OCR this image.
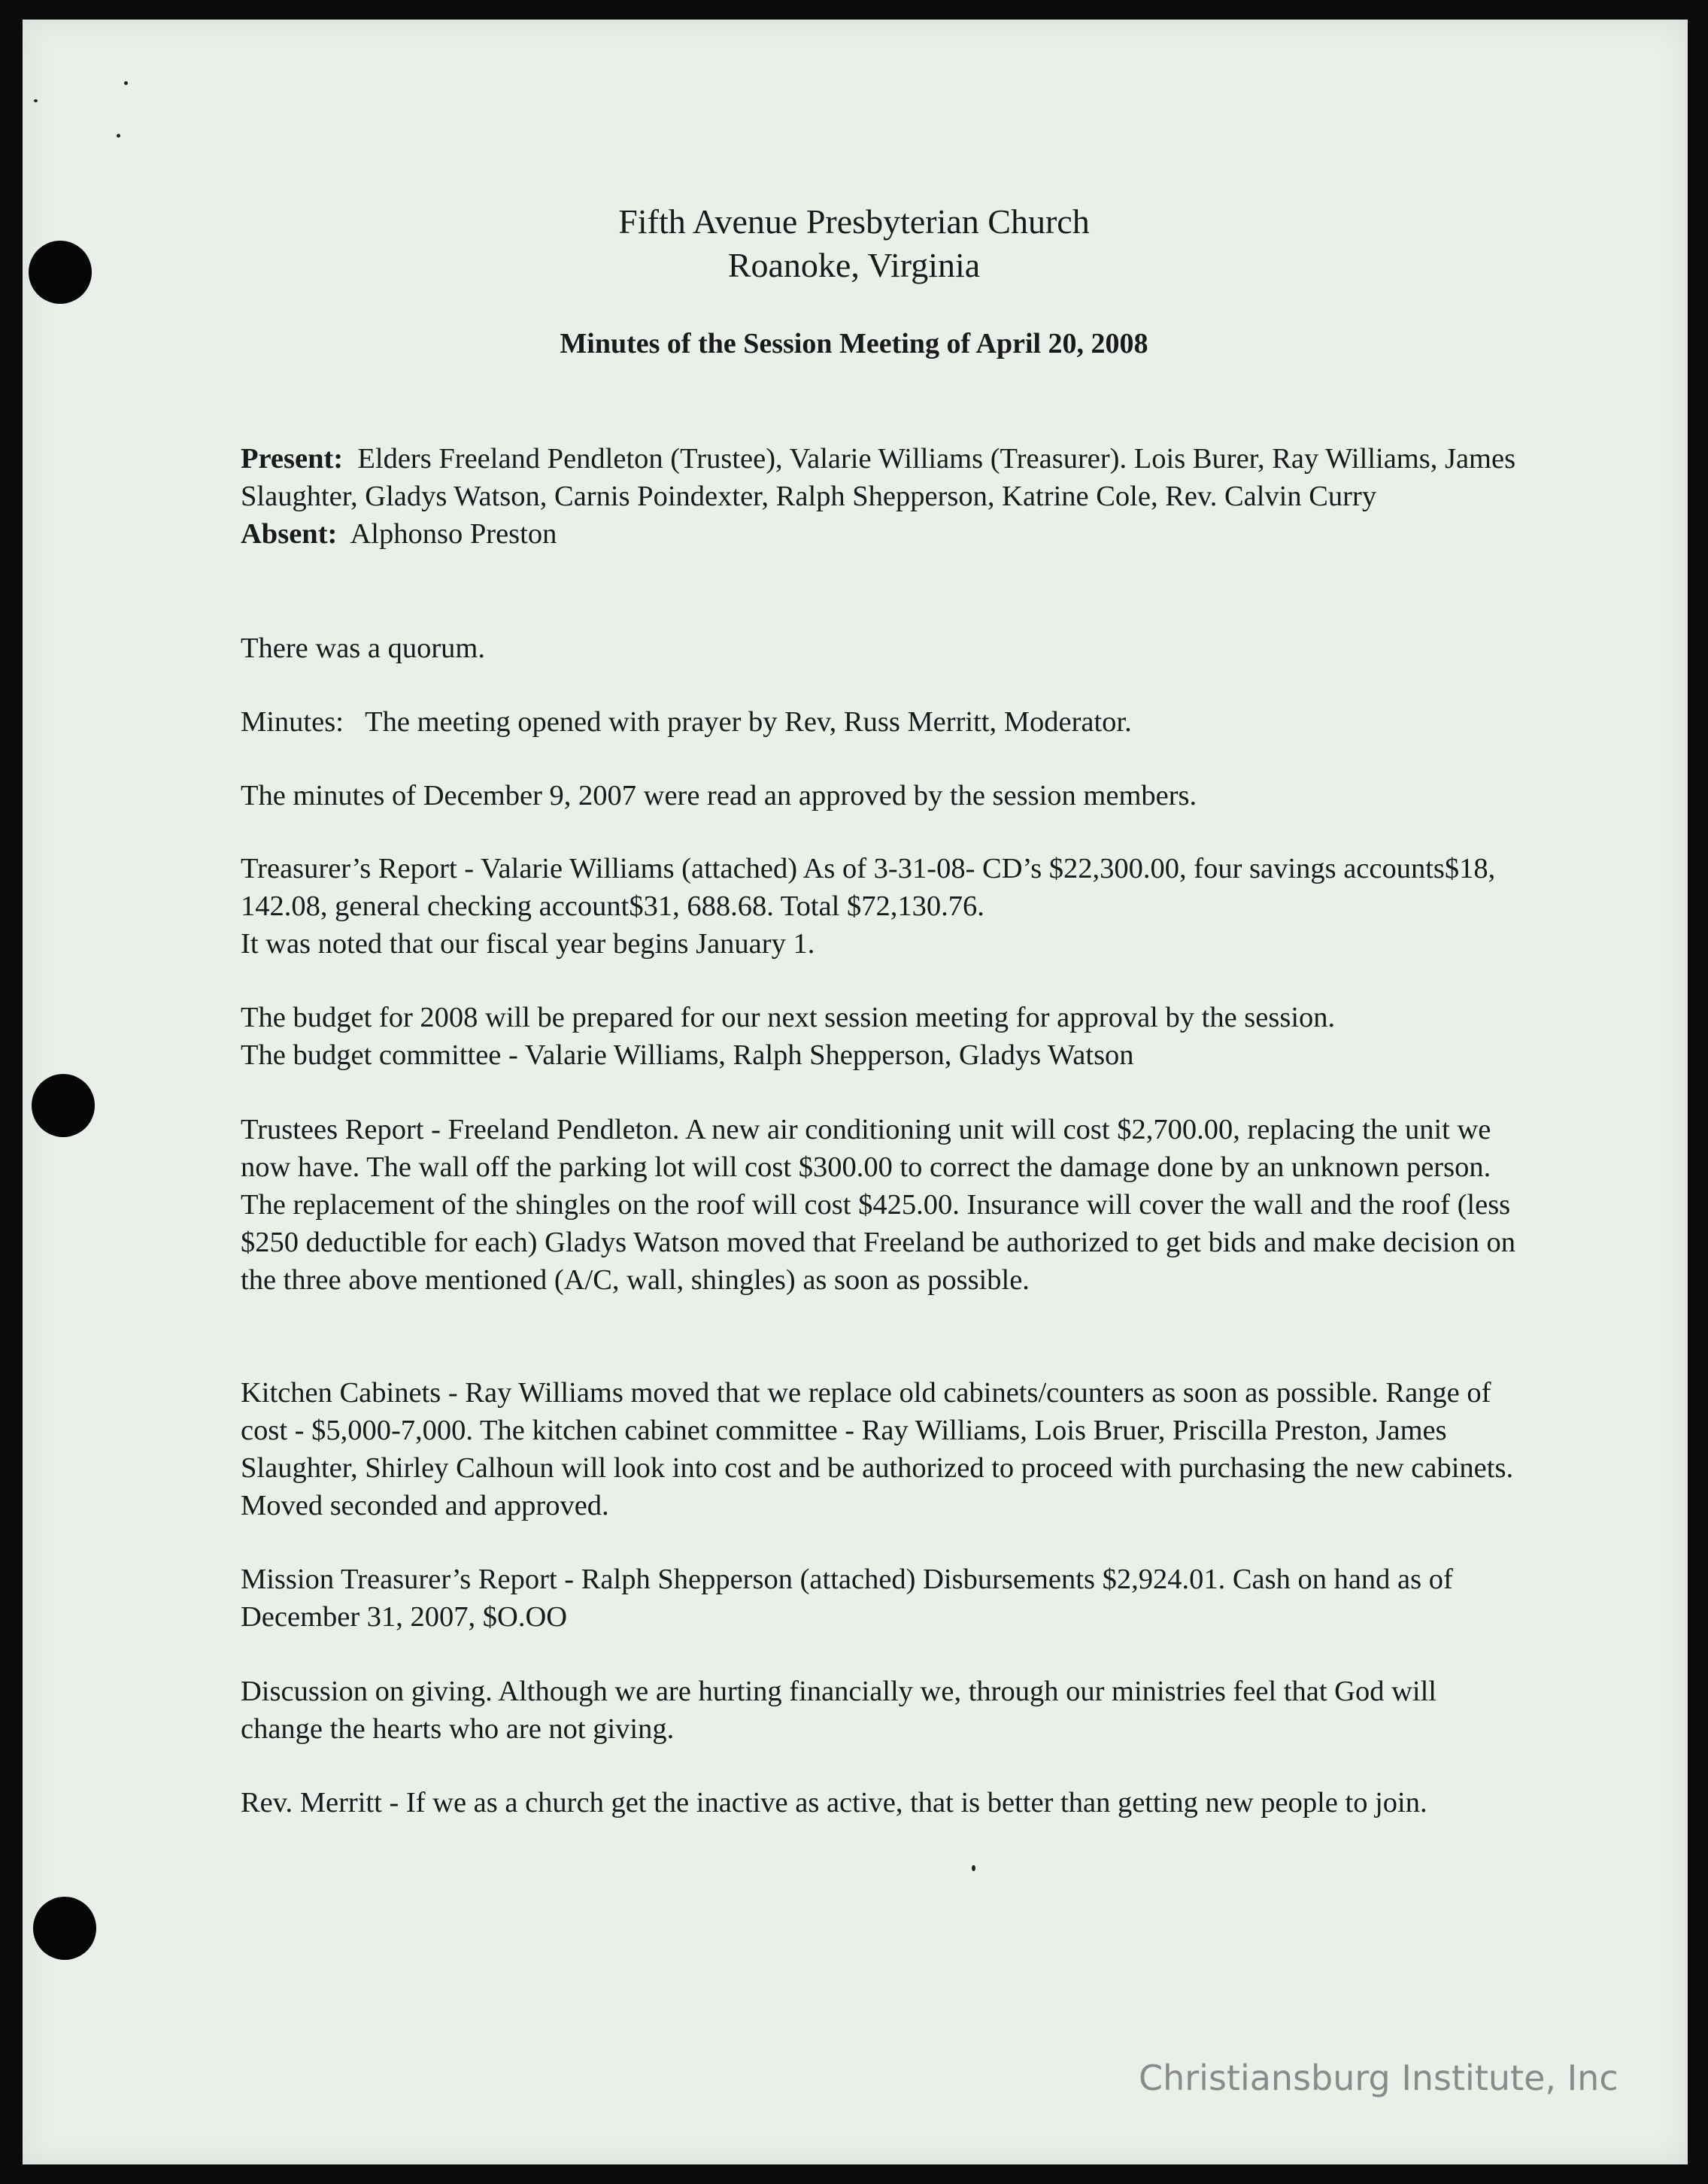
Fifth Avenue Presbyterian Church
Roanoke, Virginia
Minutes of the Session Meeting of April 20, 2008

Present: Elders Freeland Pendleton (Trustee), Valarie Williams (Treasurer). Lois Burer, Ray Williams, James Slaughter, Gladys Watson, Carnis Poindexter, Ralph Shepperson, Katrine Cole, Rev. Calvin Curry

Absent: Alphonso Preston

There was a quorum.

Minutes: The meeting opened with prayer by Rev, Russ Merritt, Moderator.

The minutes of December 9, 2007 were read an approved by the session members.

Treasurer’s Report - Valarie Williams (attached) As of 3-31-08- CD’s $22,300.00, four savings accounts$18, 142.08, general checking account$31, 688.68. Total $72,130.76.

It was noted that our fiscal year begins January 1.

The budget for 2008 will be prepared for our next session meeting for approval by the session.

The budget committee - Valarie Williams, Ralph Shepperson, Gladys Watson

Trustees Report - Freeland Pendleton. A new air conditioning unit will cost $2,700.00, replacing the unit we now have. The wall off the parking lot will cost $300.00 to correct the damage done by an unknown person. The replacement of the shingles on the roof will cost $425.00. Insurance will cover the wall and the roof (less $250 deductible for each) Gladys Watson moved that Freeland be authorized to get bids and make decision on the three above mentioned (A/C, wall, shingles) as soon as possible.

Kitchen Cabinets - Ray Williams moved that we replace old cabinets/counters as soon as possible. Range of cost - $5,000-7,000. The kitchen cabinet committee - Ray Williams, Lois Bruer, Priscilla Preston, James Slaughter, Shirley Calhoun will look into cost and be authorized to proceed with purchasing the new cabinets. Moved seconded and approved.

Mission Treasurer’s Report - Ralph Shepperson (attached) Disbursements $2,924.01. Cash on hand as of December 31, 2007, $O.OO

Discussion on giving. Although we are hurting financially we, through our ministries feel that God will change the hearts who are not giving.

Rev. Merritt - If we as a church get the inactive as active, that is better than getting new people to join.

Christiansburg Institute, Inc
